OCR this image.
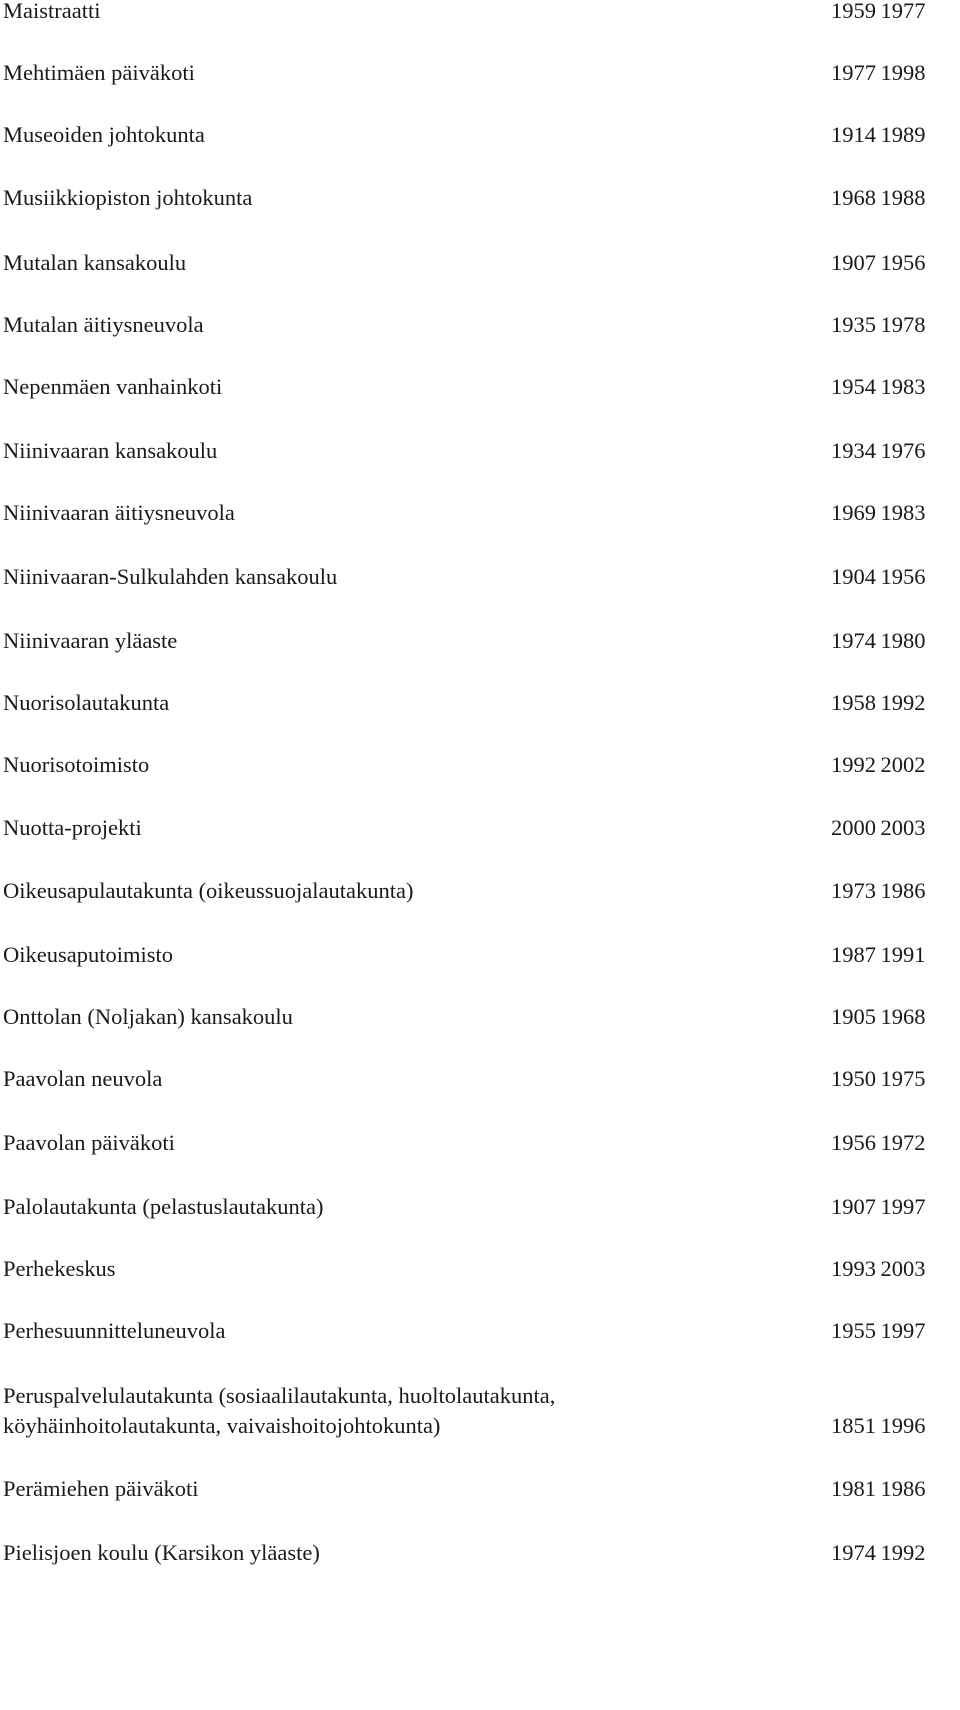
Maistraatti	1959 1977
Mehtimäen päiväkoti	1977 1998
Museoiden johtokunta	1914 1989
Musiikkiopiston johtokunta	1968 1988
Mutalan kansakoulu	1907 1956
Mutalan äitiysneuvola	1935 1978
Nepenmäen vanhainkoti	1954 1983
Niinivaaran kansakoulu	1934 1976
Niinivaaran äitiysneuvola	1969 1983
Niinivaaran-Sulkulahden kansakoulu	1904 1956
Niinivaaran yläaste	1974 1980
Nuorisolautakunta	1958 1992
Nuorisotoimisto	1992 2002
Nuotta-projekti	2000 2003
Oikeusapulautakunta (oikeussuojalautakunta)	1973 1986
Oikeusaputoimisto	1987 1991
Onttolan (Noljakan) kansakoulu	1905 1968
Paavolan neuvola	1950 1975
Paavolan päiväkoti	1956 1972
Palolautakunta (pelastuslautakunta)	1907 1997
Perhekeskus	1993 2003
Perhesuunnitteluneuvola	1955 1997
Peruspalvelulautakunta (sosiaalilautakunta, huoltolautakunta, köyhäinhoitolautakunta, vaivaishoitojohtokunta)	1851 1996
Perämiehen päiväkoti	1981 1986
Pielisjoen koulu (Karsikon yläaste)	1974 1992
